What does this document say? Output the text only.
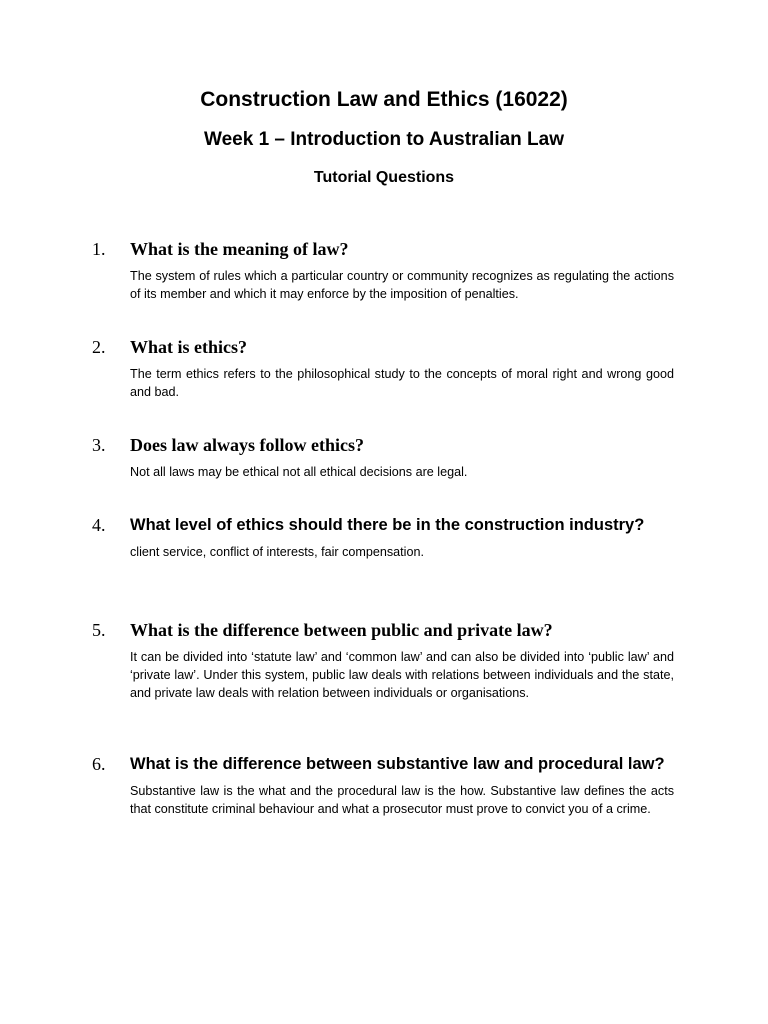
Construction Law and Ethics (16022)
Week 1 – Introduction to Australian Law
Tutorial Questions
1.	What is the meaning of law?
The system of rules which a particular country or community recognizes as regulating the actions of its member and which it may enforce by the imposition of penalties.
2.	What is ethics?
The term ethics refers to the philosophical study to the concepts of moral right and wrong good and bad.
3.	Does law always follow ethics?
Not all laws may be ethical not all ethical decisions are legal.
4.	What level of ethics should there be in the construction industry?
client service, conflict of interests, fair compensation.
5.	What is the difference between public and private law?
It can be divided into ‘statute law’ and ‘common law’ and can also be divided into ‘public law’ and ‘private law’. Under this system, public law deals with relations between individuals and the state, and private law deals with relation between individuals or organisations.
6.	What is the difference between substantive law and procedural law?
Substantive law is the what and the procedural law is the how. Substantive law defines the acts that constitute criminal behaviour and what a prosecutor must prove to convict you of a crime.
